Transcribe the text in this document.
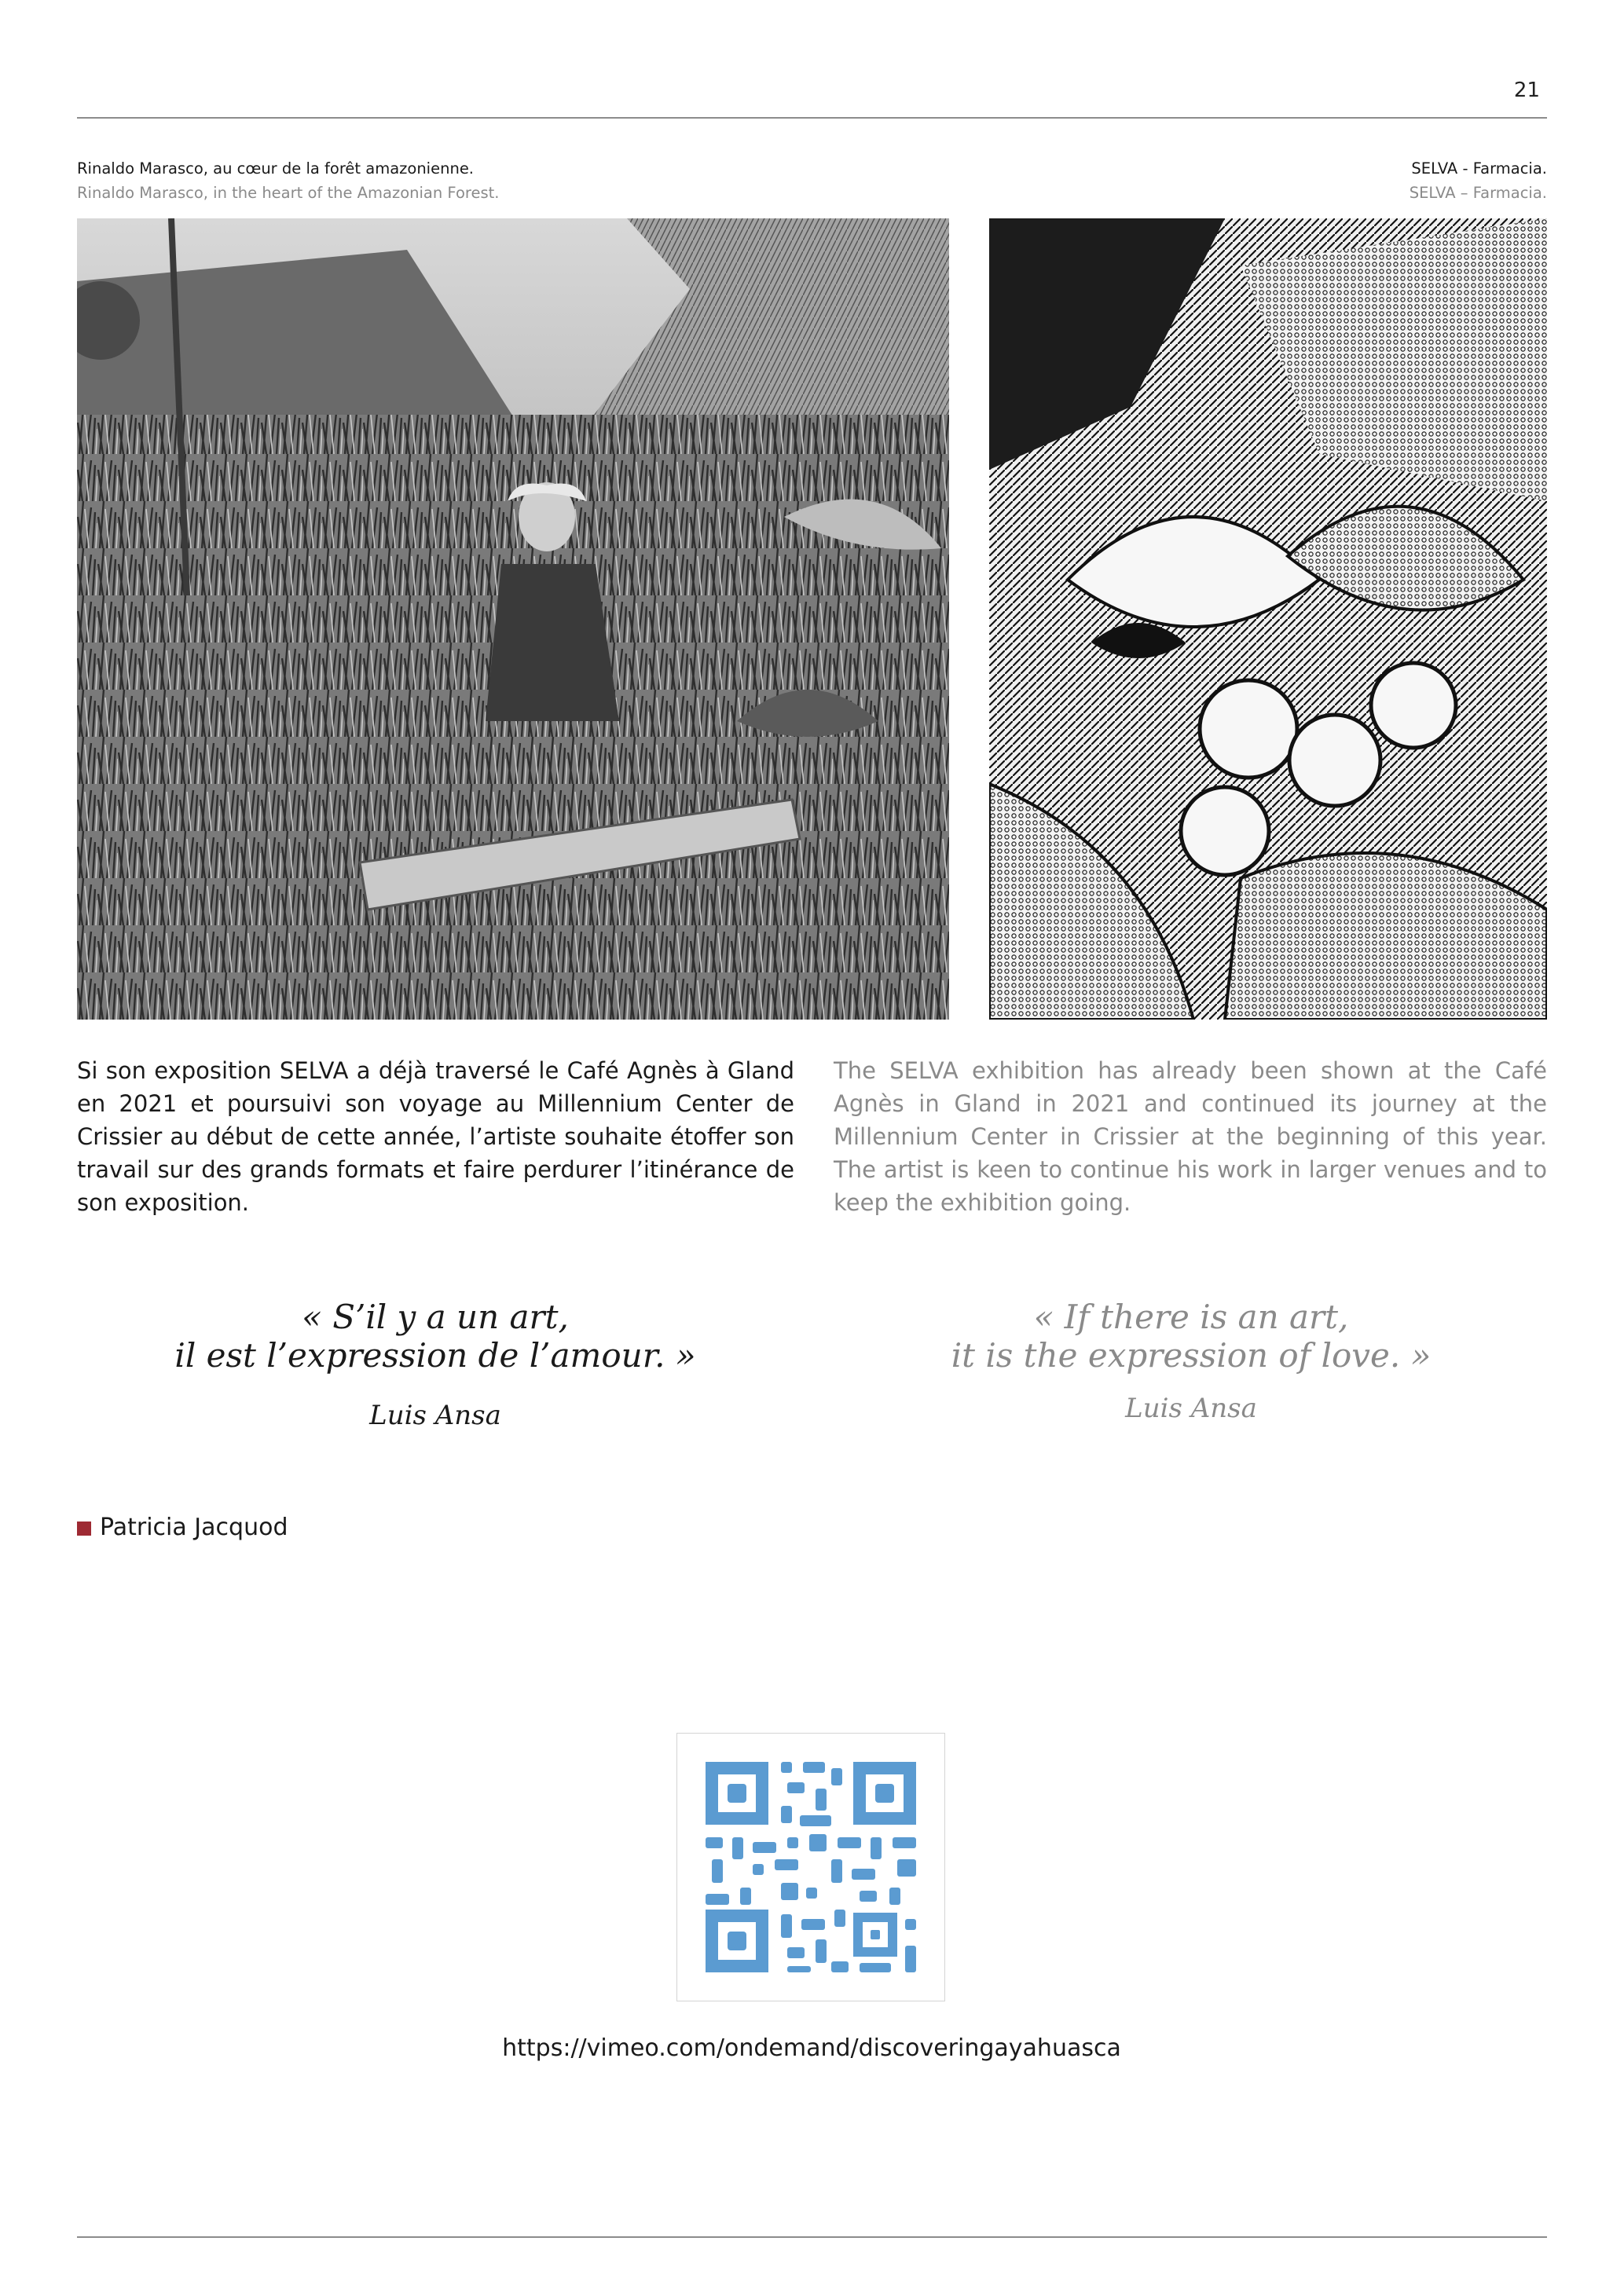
21
Rinaldo Marasco, au cœur de la forêt amazonienne.
Rinaldo Marasco, in the heart of the Amazonian Forest.
SELVA - Farmacia.
SELVA – Farmacia.
Si son exposition SELVA a déjà traversé le Café Agnès à Gland en 2021 et poursuivi son voyage au Millennium Center de Crissier au début de cette année, l’artiste souhaite étoffer son travail sur des grands formats et faire perdurer l’itinérance de son exposition.
The SELVA exhibition has already been shown at the Café Agnès in Gland in 2021 and continued its journey at the Millennium Center in Crissier at the beginning of this year. The artist is keen to continue his work in larger venues and to keep the exhibition going.
« S’il y a un art,
il est l’expression de l’amour. »
Luis Ansa
« If there is an art,
it is the expression of love. »
Luis Ansa
Patricia Jacquod
https://vimeo.com/ondemand/discoveringayahuasca
